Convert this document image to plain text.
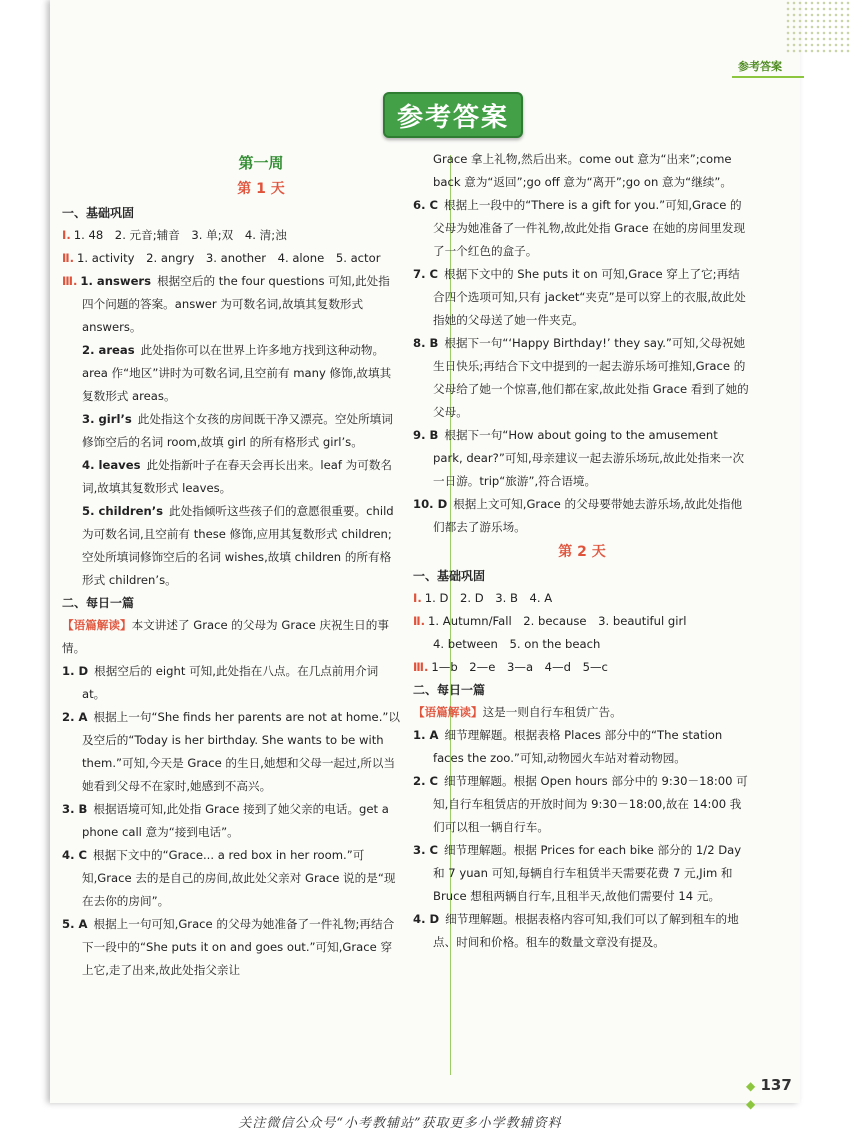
参考答案
参考答案
◆ 137 ◆
第一周
第 1 天
一、基础巩固
Ⅰ. 1. 48　2. 元音;辅音　3. 单;双　4. 清;浊
Ⅱ. 1. activity　2. angry　3. another　4. alone　5. actor
Ⅲ. 1. answers 根据空后的 the four questions 可知,此处指四个问题的答案。answer 为可数名词,故填其复数形式 answers。
2. areas 此处指你可以在世界上许多地方找到这种动物。area 作“地区”讲时为可数名词,且空前有 many 修饰,故填其复数形式 areas。
3. girl’s 此处指这个女孩的房间既干净又漂亮。空处所填词修饰空后的名词 room,故填 girl 的所有格形式 girl’s。
4. leaves 此处指新叶子在春天会再长出来。leaf 为可数名词,故填其复数形式 leaves。
5. children’s 此处指倾听这些孩子们的意愿很重要。child 为可数名词,且空前有 these 修饰,应用其复数形式 children;空处所填词修饰空后的名词 wishes,故填 children 的所有格形式 children’s。
二、每日一篇
【语篇解读】本文讲述了 Grace 的父母为 Grace 庆祝生日的事情。
1. D 根据空后的 eight 可知,此处指在八点。在几点前用介词 at。
2. A 根据上一句“She finds her parents are not at home.”以及空后的“Today is her birthday. She wants to be with them.”可知,今天是 Grace 的生日,她想和父母一起过,所以当她看到父母不在家时,她感到不高兴。
3. B 根据语境可知,此处指 Grace 接到了她父亲的电话。get a phone call 意为“接到电话”。
4. C 根据下文中的“Grace... a red box in her room.”可知,Grace 去的是自己的房间,故此处父亲对 Grace 说的是“现在去你的房间”。
5. A 根据上一句可知,Grace 的父母为她准备了一件礼物;再结合下一段中的“She puts it on and goes out.”可知,Grace 穿上它,走了出来,故此处指父亲让
Grace 拿上礼物,然后出来。come out 意为“出来”;come back 意为“返回”;go off 意为“离开”;go on 意为“继续”。
6. C 根据上一段中的“There is a gift for you.”可知,Grace 的父母为她准备了一件礼物,故此处指 Grace 在她的房间里发现了一个红色的盒子。
7. C 根据下文中的 She puts it on 可知,Grace 穿上了它;再结合四个选项可知,只有 jacket“夹克”是可以穿上的衣服,故此处指她的父母送了她一件夹克。
8. B 根据下一句“‘Happy Birthday!’ they say.”可知,父母祝她生日快乐;再结合下文中提到的一起去游乐场可推知,Grace 的父母给了她一个惊喜,他们都在家,故此处指 Grace 看到了她的父母。
9. B 根据下一句“How about going to the amusement park, dear?”可知,母亲建议一起去游乐场玩,故此处指来一次一日游。trip“旅游”,符合语境。
10. D 根据上文可知,Grace 的父母要带她去游乐场,故此处指他们都去了游乐场。
第 2 天
一、基础巩固
Ⅰ. 1. D　2. D　3. B　4. A
Ⅱ. 1. Autumn/Fall　2. because　3. beautiful girl
4. between　5. on the beach
Ⅲ. 1—b　2—e　3—a　4—d　5—c
二、每日一篇
【语篇解读】这是一则自行车租赁广告。
1. A 细节理解题。根据表格 Places 部分中的“The station faces the zoo.”可知,动物园火车站对着动物园。
2. C 细节理解题。根据 Open hours 部分中的 9:30－18:00 可知,自行车租赁店的开放时间为 9:30－18:00,故在 14:00 我们可以租一辆自行车。
3. C 细节理解题。根据 Prices for each bike 部分的 1/2 Day 和 7 yuan 可知,每辆自行车租赁半天需要花费 7 元,Jim 和 Bruce 想租两辆自行车,且租半天,故他们需要付 14 元。
4. D 细节理解题。根据表格内容可知,我们可以了解到租车的地点、时间和价格。租车的数量文章没有提及。
关注微信公众号“小考教辅站”获取更多小学教辅资料
